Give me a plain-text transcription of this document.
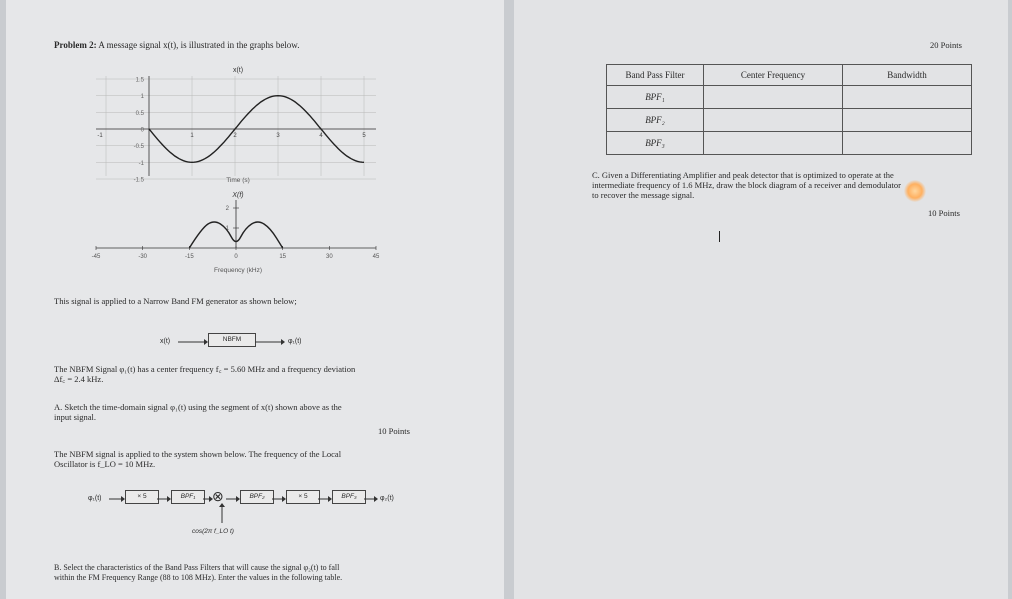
Problem 2: A message signal x(t), is illustrated in the graphs below.
x(t)
1.5
1
0.5
0
-0.5
-1
-1.5
-1	1	2	3	4	5
Time (s)
X(f)
2
1
-45	-30	-15	0	15	30	45
Frequency (kHz)
This signal is applied to a Narrow Band FM generator as shown below;
x(t)	NBFM	φ₁(t)
The NBFM Signal φ₁(t) has a center frequency f꜀ = 5.60 MHz and a frequency deviation
Δf꜀ = 2.4 kHz.
A. Sketch the time-domain signal φ₁(t) using the segment of x(t) shown above as the
input signal.
10 Points
The NBFM signal is applied to the system shown below. The frequency of the Local
Oscillator is f_LO = 10 MHz.
φ₁(t)	× 5	BPF₁	⊗
cos(2π f_LO t)
BPF₂	× 5	BPF₃	φ₂(t)
B. Select the characteristics of the Band Pass Filters that will cause the signal φ₂(t) to fall
within the FM Frequency Range (88 to 108 MHz). Enter the values in the following table.
20 Points
Band Pass Filter	Center Frequency	Bandwidth
BPF₁		
BPF₂		
BPF₃		
C. Given a Differentiating Amplifier and peak detector that is optimized to operate at the
intermediate frequency of 1.6 MHz, draw the block diagram of a receiver and demodulator
to recover the message signal.
10 Points
